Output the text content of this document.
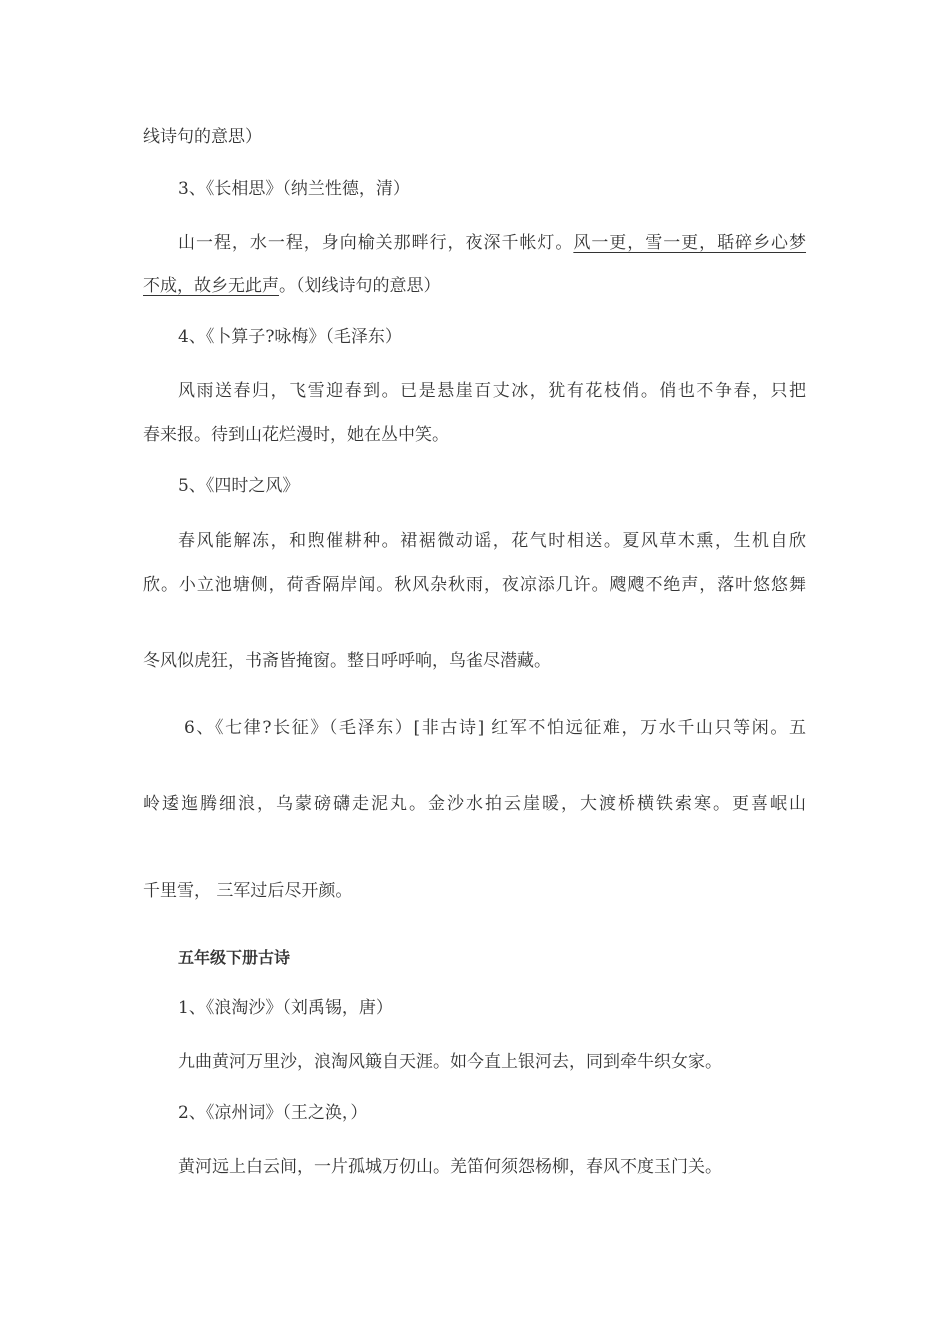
线诗句的意思）
3、《长相思》（纳兰性德，清）
山一程，水一程，身向榆关那畔行，夜深千帐灯。风一更，雪一更，聒碎乡心梦
不成，故乡无此声。（划线诗句的意思）
4、《卜算子?咏梅》（毛泽东）
风雨送春归，飞雪迎春到。已是悬崖百丈冰，犹有花枝俏。俏也不争春，只把
春来报。待到山花烂漫时，她在丛中笑。
5、《四时之风》
春风能解冻，和煦催耕种。裙裾微动谣，花气时相送。夏风草木熏，生机自欣
欣。小立池塘侧，荷香隔岸闻。秋风杂秋雨，夜凉添几许。飕飕不绝声，落叶悠悠舞
冬风似虎狂，书斋皆掩窗。整日呼呼响，鸟雀尽潜藏。
6、《七律?长征》（毛泽东）[非古诗] 红军不怕远征难，万水千山只等闲。五
岭逶迤腾细浪，乌蒙磅礴走泥丸。金沙水拍云崖暖，大渡桥横铁索寒。更喜岷山
千里雪， 三军过后尽开颜。
五年级下册古诗
1、《浪淘沙》（刘禹锡，唐）
九曲黄河万里沙，浪淘风簸自天涯。如今直上银河去，同到牵牛织女家。
2、《凉州词》（王之涣，）
黄河远上白云间，一片孤城万仞山。羌笛何须怨杨柳，春风不度玉门关。
